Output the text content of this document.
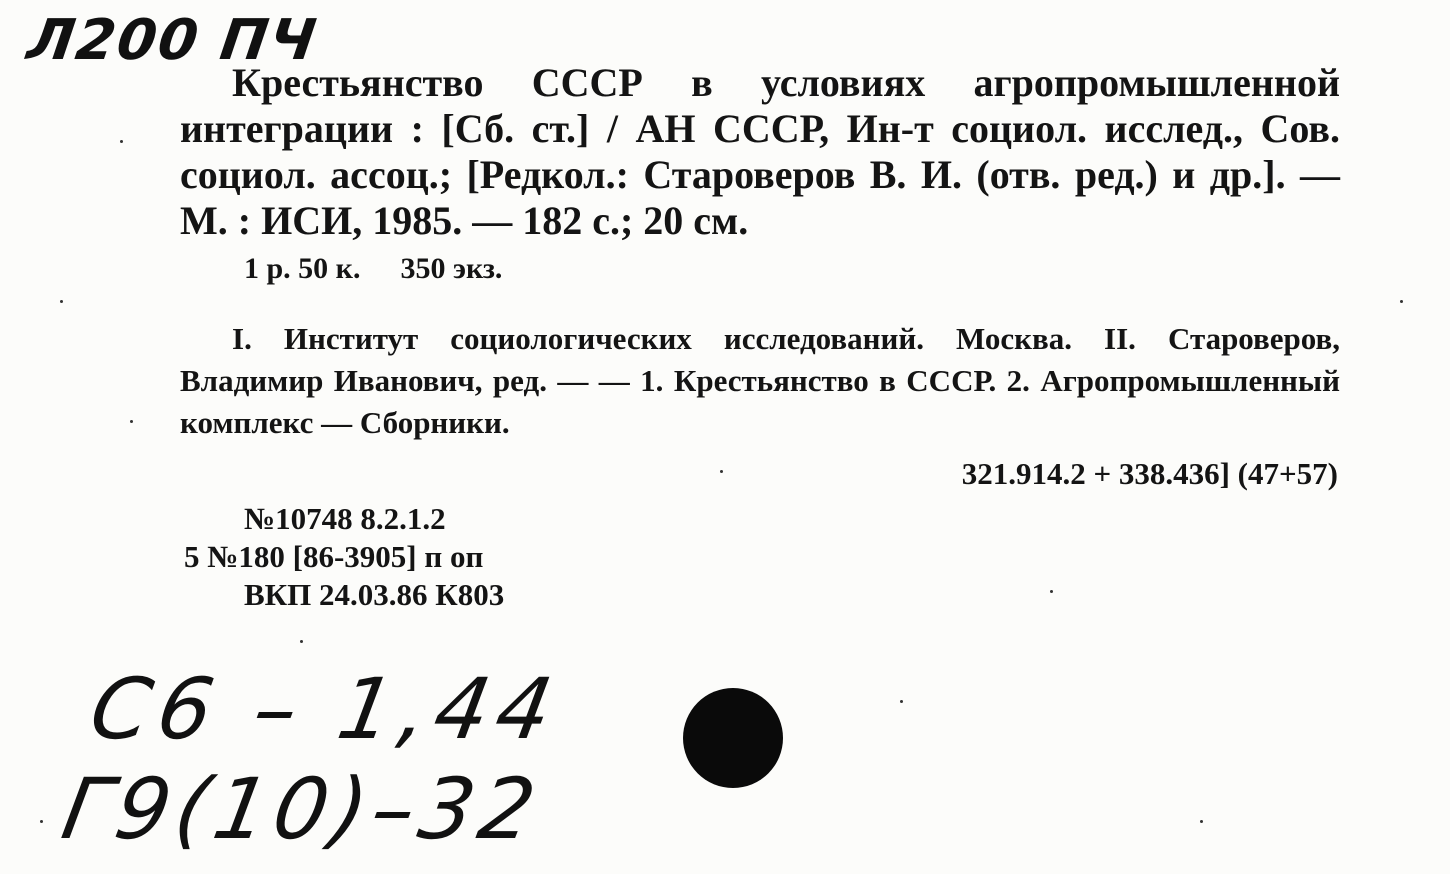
Л200 ПЧ
Крестьянство СССР в условиях агропромышленной интеграции : [Сб. ст.] / АН СССР, Ин-т социол. исслед., Сов. социол. ассоц.; [Редкол.: Староверов В. И. (отв. ред.) и др.]. — М. : ИСИ, 1985. — 182 с.; 20 см.
1 р. 50 к. 350 экз.
I. Институт социологических исследований. Москва. II. Староверов, Владимир Иванович, ред. — — 1. Крестьянство в СССР. 2. Агропромышленный комплекс — Сборники.
321.914.2 + 338.436] (47+57)
№10748 8.2.1.2
5 №180 [86-3905] п оп
ВКП 24.03.86 К803
С6 – 1,44
Г9(10)–32
